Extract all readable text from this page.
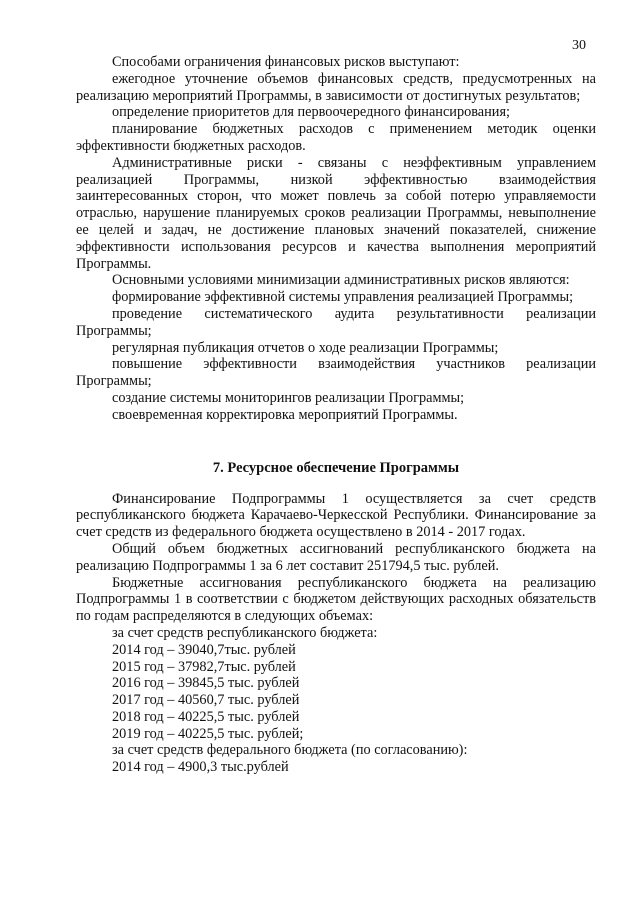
30

Способами ограничения финансовых рисков выступают:

ежегодное уточнение объемов финансовых средств, предусмотренных на реализацию мероприятий Программы, в зависимости от достигнутых результатов;

определение приоритетов для первоочередного финансирования;

планирование бюджетных расходов с применением методик оценки эффективности бюджетных расходов.

Административные риски - связаны с неэффективным управлением реализацией Программы, низкой эффективностью взаимодействия заинтересованных сторон, что может повлечь за собой потерю управляемости отраслью, нарушение планируемых сроков реализации Программы, невыполнение ее целей и задач, не достижение плановых значений показателей, снижение эффективности использования ресурсов и качества выполнения мероприятий Программы.

Основными условиями минимизации административных рисков являются:

формирование эффективной системы управления реализацией Программы;

проведение систематического аудита результативности реализации Программы;

регулярная публикация отчетов о ходе реализации Программы;

повышение эффективности взаимодействия участников реализации Программы;

создание системы мониторингов реализации Программы;

своевременная корректировка мероприятий Программы.

7. Ресурсное обеспечение Программы

Финансирование Подпрограммы 1 осуществляется за счет средств республиканского бюджета Карачаево-Черкесской Республики. Финансирование за счет средств из федерального бюджета осуществлено в 2014 - 2017 годах.

Общий объем бюджетных ассигнований республиканского бюджета на реализацию Подпрограммы 1 за 6 лет составит 251794,5 тыс. рублей.

Бюджетные ассигнования республиканского бюджета на реализацию Подпрограммы 1 в соответствии с бюджетом действующих расходных обязательств по годам распределяются в следующих объемах:

за счет средств республиканского бюджета:

2014 год – 39040,7тыс. рублей
2015 год – 37982,7тыс. рублей
2016 год – 39845,5 тыс. рублей
2017 год – 40560,7 тыс. рублей
2018 год – 40225,5 тыс. рублей
2019 год – 40225,5 тыс. рублей;

за счет средств федерального бюджета (по согласованию):

2014 год – 4900,3 тыс.рублей
